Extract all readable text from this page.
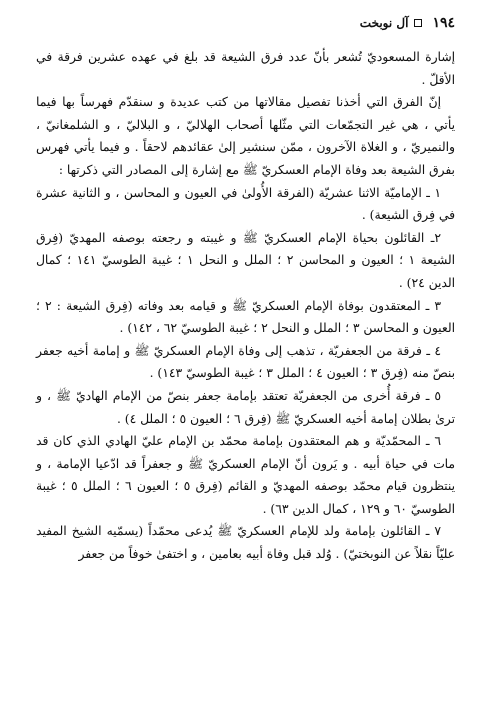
١٩٤
آل نوبخت

إشارة المسعوديّ تُشعر بأنّ عدد فرق الشيعة قد بلغ في عهده عشرين فرقة في الأقلّ .

إنّ الفرق التي أخذنا تفصيل مقالاتها من كتب عديدة و سنقدّم فهرساً بها فيما يأتي ، هي غير التجمّعات التي مثّلها أصحاب الهلاليّ ، و البلاليّ ، و الشلمغانيّ ، والنميريّ ، و الغلاة الآخرون ، ممّن سنشير إلىٰ عقائدهم لاحقاً . و فيما يأتي فهرس بفرق الشيعة بعد وفاة الإمام العسكريّ ﷺ مع إشارة إلى المصادر التي ذكرتها :

١ ـ الإماميّة الاثنا عشريّة (الفرقة الأُولىٰ في العيون و المحاسن ، و الثانية عشرة في فِرق الشيعة) .

٢ـ القائلون بحياة الإمام العسكريّ ﷺ و غيبته و رجعته بوصفه المهديّ (فِرق الشيعة ١ ؛ العيون و المحاسن ٢ ؛ الملل و النحل ١ ؛ غيبة الطوسيّ ١٤١ ؛ كمال الدين ٢٤) .

٣ ـ المعتقدون بوفاة الإمام العسكريّ ﷺ و قيامه بعد وفاته (فِرق الشيعة : ٢ ؛ العيون و المحاسن ٣ ؛ الملل و النحل ٢ ؛ غيبة الطوسيّ ٦٢ ، ١٤٢) .

٤ ـ فرقة من الجعفريّة ، تذهب إلى وفاة الإمام العسكريّ ﷺ و إمامة أخيه جعفر بنصّ منه (فِرق ٣ ؛ العيون ٤ ؛ الملل ٣ ؛ غيبة الطوسيّ ١٤٣) .

٥ ـ فرقة أُخرى من الجعفريّة تعتقد بإمامة جعفر بنصّ من الإمام الهاديّ ﷺ ، و ترىٰ بطلان إمامة أخيه العسكريّ ﷺ (فِرق ٦ ؛ العيون ٥ ؛ الملل ٤) .

٦ ـ المحمّديّة و هم المعتقدون بإمامة محمّد بن الإمام عليّ الهادي الذي كان قد مات في حياة أبيه . و يَرون أنّ الإمام العسكريّ ﷺ و جعفراً قد ادّعيا الإمامة ، و ينتظرون قيام محمّد بوصفه المهديّ و القائم (فِرق ٥ ؛ العيون ٦ ؛ الملل ٥ ؛ غيبة الطوسيّ ٦٠ و ١٢٩ ، كمال الدين ٦٣) .

٧ ـ القائلون بإمامة ولد للإمام العسكريّ ﷺ يُدعى محمّداً (يسمّيه الشيخ المفيد عليّاً نقلاً عن النوبختيّ) . وُلد قبل وفاة أبيه بعامين ، و اختفىٰ خوفاً من جعفر
